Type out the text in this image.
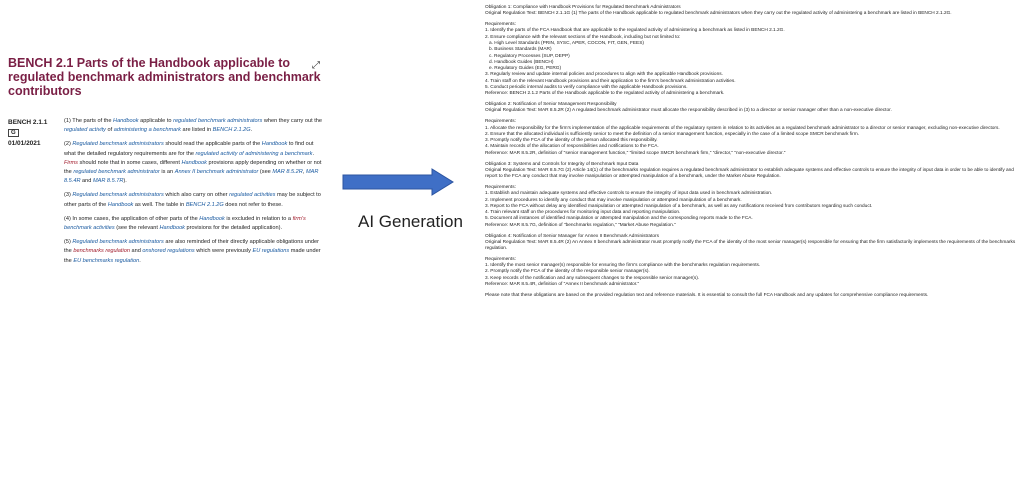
BENCH 2.1 Parts of the Handbook applicable to regulated benchmark administrators and benchmark contributors
⤢
BENCH 2.1.1
G
01/01/2021

(1) The parts of the Handbook applicable to regulated benchmark administrators when they carry out the regulated activity of administering a benchmark are listed in BENCH 2.1.2G.

(2) Regulated benchmark administrators should read the applicable parts of the Handbook to find out what the detailed regulatory requirements are for the regulated activity of administering a benchmark. Firms should note that in some cases, different Handbook provisions apply depending on whether or not the regulated benchmark administrator is an Annex II benchmark administrator (see MAR 8.5.2R, MAR 8.5.4R and MAR 8.5.7R).

(3) Regulated benchmark administrators which also carry on other regulated activities may be subject to other parts of the Handbook as well. The table in BENCH 2.1.2G does not refer to these.

(4) In some cases, the application of other parts of the Handbook is excluded in relation to a firm's benchmark activities (see the relevant Handbook provisions for the detailed application).

(5) Regulated benchmark administrators are also reminded of their directly applicable obligations under the benchmarks regulation and onshored regulations which were previously EU regulations made under the EU benchmarks regulation.

AI Generation
Obligation 1: Compliance with Handbook Provisions for Regulated Benchmark Administrators
Original Regulation Text: BENCH 2.1.1G (1) The parts of the Handbook applicable to regulated benchmark administrators when they carry out the regulated activity of administering a benchmark are listed in BENCH 2.1.2G.
Requirements:
1. Identify the parts of the FCA Handbook that are applicable to the regulated activity of administering a benchmark as listed in BENCH 2.1.2G.
2. Ensure compliance with the relevant sections of the Handbook, including but not limited to:
a. High Level Standards (PRIN, SYSC, APER, COCON, FIT, GEN, FEES)
b. Business Standards (MAR)
c. Regulatory Processes (SUP, DEPP)
d. Handbook Guides (BENCH)
e. Regulatory Guides (EG, PERG)
3. Regularly review and update internal policies and procedures to align with the applicable Handbook provisions.
4. Train staff on the relevant Handbook provisions and their application to the firm's benchmark administration activities.
5. Conduct periodic internal audits to verify compliance with the applicable Handbook provisions.
Reference: BENCH 2.1.2 Parts of the Handbook applicable to the regulated activity of administering a benchmark.
Obligation 2: Notification of Senior Management Responsibility
Original Regulation Text: MAR 8.5.2R (2) A regulated benchmark administrator must allocate the responsibility described in (3) to a director or senior manager other than a non-executive director.
Requirements:
1. Allocate the responsibility for the firm's implementation of the applicable requirements of the regulatory system in relation to its activities as a regulated benchmark administrator to a director or senior manager, excluding non-executive directors.
2. Ensure that the allocated individual is sufficiently senior to meet the definition of a senior management function, especially in the case of a limited scope SMCR benchmark firm.
3. Promptly notify the FCA of the identity of the person allocated this responsibility.
4. Maintain records of the allocation of responsibilities and notifications to the FCA.
Reference: MAR 8.5.2R, definition of "senior management function," "limited scope SMCR benchmark firm," "director," "non-executive director."
Obligation 3: Systems and Controls for Integrity of Benchmark Input Data
Original Regulation Text: MAR 8.5.7G (2) Article 14(1) of the benchmarks regulation requires a regulated benchmark administrator to establish adequate systems and effective controls to ensure the integrity of input data in order to be able to identify and report to the FCA any conduct that may involve manipulation or attempted manipulation of a benchmark, under the Market Abuse Regulation.
Requirements:
1. Establish and maintain adequate systems and effective controls to ensure the integrity of input data used in benchmark administration.
2. Implement procedures to identify any conduct that may involve manipulation or attempted manipulation of a benchmark.
3. Report to the FCA without delay any identified manipulation or attempted manipulation of a benchmark, as well as any notifications received from contributors regarding such conduct.
4. Train relevant staff on the procedures for monitoring input data and reporting manipulation.
5. Document all instances of identified manipulation or attempted manipulation and the corresponding reports made to the FCA.
Reference: MAR 8.5.7G, definition of "benchmarks regulation," "Market Abuse Regulation."
Obligation 4: Notification of Senior Manager for Annex II Benchmark Administrators
Original Regulation Text: MAR 8.5.4R (2) An Annex II benchmark administrator must promptly notify the FCA of the identity of the most senior manager(s) responsible for ensuring that the firm satisfactorily implements the requirements of the benchmarks regulation.
Requirements:
1. Identify the most senior manager(s) responsible for ensuring the firm's compliance with the benchmarks regulation requirements.
2. Promptly notify the FCA of the identity of the responsible senior manager(s).
3. Keep records of the notification and any subsequent changes to the responsible senior manager(s).
Reference: MAR 8.5.4R, definition of "Annex II benchmark administrator."
Please note that these obligations are based on the provided regulation text and reference materials. It is essential to consult the full FCA Handbook and any updates for comprehensive compliance requirements.
